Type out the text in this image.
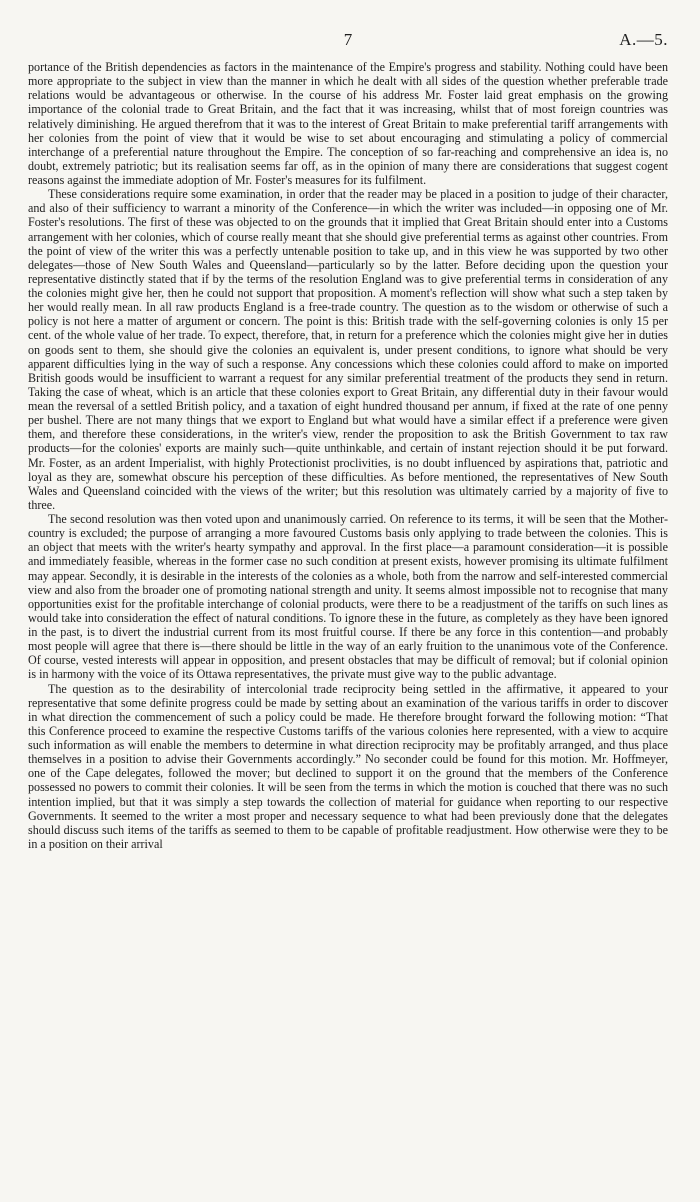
7	A.—5.

portance of the British dependencies as factors in the maintenance of the Empire's progress and stability. Nothing could have been more appropriate to the subject in view than the manner in which he dealt with all sides of the question whether preferable trade relations would be advantageous or otherwise. In the course of his address Mr. Foster laid great emphasis on the growing importance of the colonial trade to Great Britain, and the fact that it was increasing, whilst that of most foreign countries was relatively diminishing. He argued therefrom that it was to the interest of Great Britain to make preferential tariff arrangements with her colonies from the point of view that it would be wise to set about encouraging and stimulating a policy of commercial interchange of a preferential nature throughout the Empire. The conception of so far-reaching and comprehensive an idea is, no doubt, extremely patriotic; but its realisation seems far off, as in the opinion of many there are considerations that suggest cogent reasons against the immediate adoption of Mr. Foster's measures for its fulfilment.

These considerations require some examination, in order that the reader may be placed in a position to judge of their character, and also of their sufficiency to warrant a minority of the Conference—in which the writer was included—in opposing one of Mr. Foster's resolutions. The first of these was objected to on the grounds that it implied that Great Britain should enter into a Customs arrangement with her colonies, which of course really meant that she should give preferential terms as against other countries. From the point of view of the writer this was a perfectly untenable position to take up, and in this view he was supported by two other delegates—those of New South Wales and Queensland—particularly so by the latter. Before deciding upon the question your representative distinctly stated that if by the terms of the resolution England was to give preferential terms in consideration of any the colonies might give her, then he could not support that proposition. A moment's reflection will show what such a step taken by her would really mean. In all raw products England is a free-trade country. The question as to the wisdom or otherwise of such a policy is not here a matter of argument or concern. The point is this: British trade with the self-governing colonies is only 15 per cent. of the whole value of her trade. To expect, therefore, that, in return for a preference which the colonies might give her in duties on goods sent to them, she should give the colonies an equivalent is, under present conditions, to ignore what should be very apparent difficulties lying in the way of such a response. Any concessions which these colonies could afford to make on imported British goods would be insufficient to warrant a request for any similar preferential treatment of the products they send in return. Taking the case of wheat, which is an article that these colonies export to Great Britain, any differential duty in their favour would mean the reversal of a settled British policy, and a taxation of eight hundred thousand per annum, if fixed at the rate of one penny per bushel. There are not many things that we export to England but what would have a similar effect if a preference were given them, and therefore these considerations, in the writer's view, render the proposition to ask the British Government to tax raw products—for the colonies' exports are mainly such—quite unthinkable, and certain of instant rejection should it be put forward. Mr. Foster, as an ardent Imperialist, with highly Protectionist proclivities, is no doubt influenced by aspirations that, patriotic and loyal as they are, somewhat obscure his perception of these difficulties. As before mentioned, the representatives of New South Wales and Queensland coincided with the views of the writer; but this resolution was ultimately carried by a majority of five to three.

The second resolution was then voted upon and unanimously carried. On reference to its terms, it will be seen that the Mother-country is excluded; the purpose of arranging a more favoured Customs basis only applying to trade between the colonies. This is an object that meets with the writer's hearty sympathy and approval. In the first place—a paramount consideration—it is possible and immediately feasible, whereas in the former case no such condition at present exists, however promising its ultimate fulfilment may appear. Secondly, it is desirable in the interests of the colonies as a whole, both from the narrow and self-interested commercial view and also from the broader one of promoting national strength and unity. It seems almost impossible not to recognise that many opportunities exist for the profitable interchange of colonial products, were there to be a readjustment of the tariffs on such lines as would take into consideration the effect of natural conditions. To ignore these in the future, as completely as they have been ignored in the past, is to divert the industrial current from its most fruitful course. If there be any force in this contention—and probably most people will agree that there is—there should be little in the way of an early fruition to the unanimous vote of the Conference. Of course, vested interests will appear in opposition, and present obstacles that may be difficult of removal; but if colonial opinion is in harmony with the voice of its Ottawa representatives, the private must give way to the public advantage.

The question as to the desirability of intercolonial trade reciprocity being settled in the affirmative, it appeared to your representative that some definite progress could be made by setting about an examination of the various tariffs in order to discover in what direction the commencement of such a policy could be made. He therefore brought forward the following motion: “That this Conference proceed to examine the respective Customs tariffs of the various colonies here represented, with a view to acquire such information as will enable the members to determine in what direction reciprocity may be profitably arranged, and thus place themselves in a position to advise their Governments accordingly.” No seconder could be found for this motion. Mr. Hoffmeyer, one of the Cape delegates, followed the mover; but declined to support it on the ground that the members of the Conference possessed no powers to commit their colonies. It will be seen from the terms in which the motion is couched that there was no such intention implied, but that it was simply a step towards the collection of material for guidance when reporting to our respective Governments. It seemed to the writer a most proper and necessary sequence to what had been previously done that the delegates should discuss such items of the tariffs as seemed to them to be capable of profitable readjustment. How otherwise were they to be in a position on their arrival
